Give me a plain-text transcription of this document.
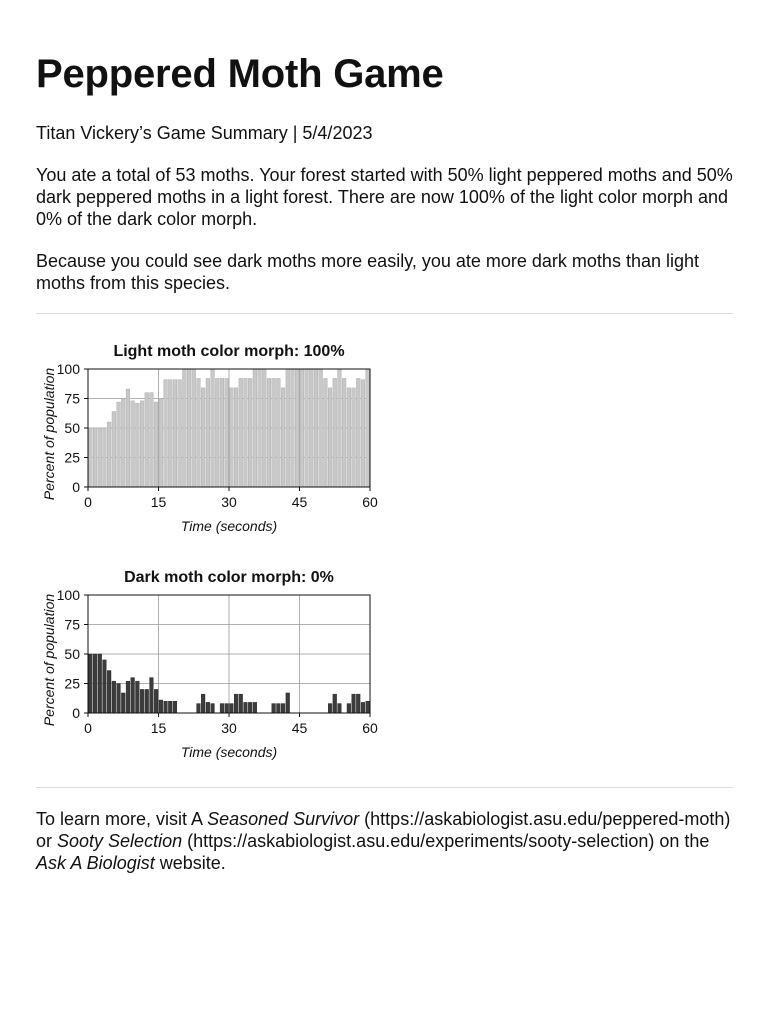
Peppered Moth Game

Titan Vickery’s Game Summary | 5/4/2023

You ate a total of 53 moths. Your forest started with 50% light peppered moths and 50% dark peppered moths in a light forest. There are now 100% of the light color morph and 0% of the dark color morph.

Because you could see dark moths more easily, you ate more dark moths than light moths from this species.

Light moth color morph: 100%
0
25
50
75
100
0	15	30	45	60
Time (seconds)
Percent of population
Dark moth color morph: 0%
0
25
50
75
100
0	15	30	45	60
Time (seconds)
Percent of population

To learn more, visit A Seasoned Survivor (https://askabiologist.asu.edu/peppered-moth) or Sooty Selection (https://askabiologist.asu.edu/experiments/sooty-selection) on the Ask A Biologist website.
